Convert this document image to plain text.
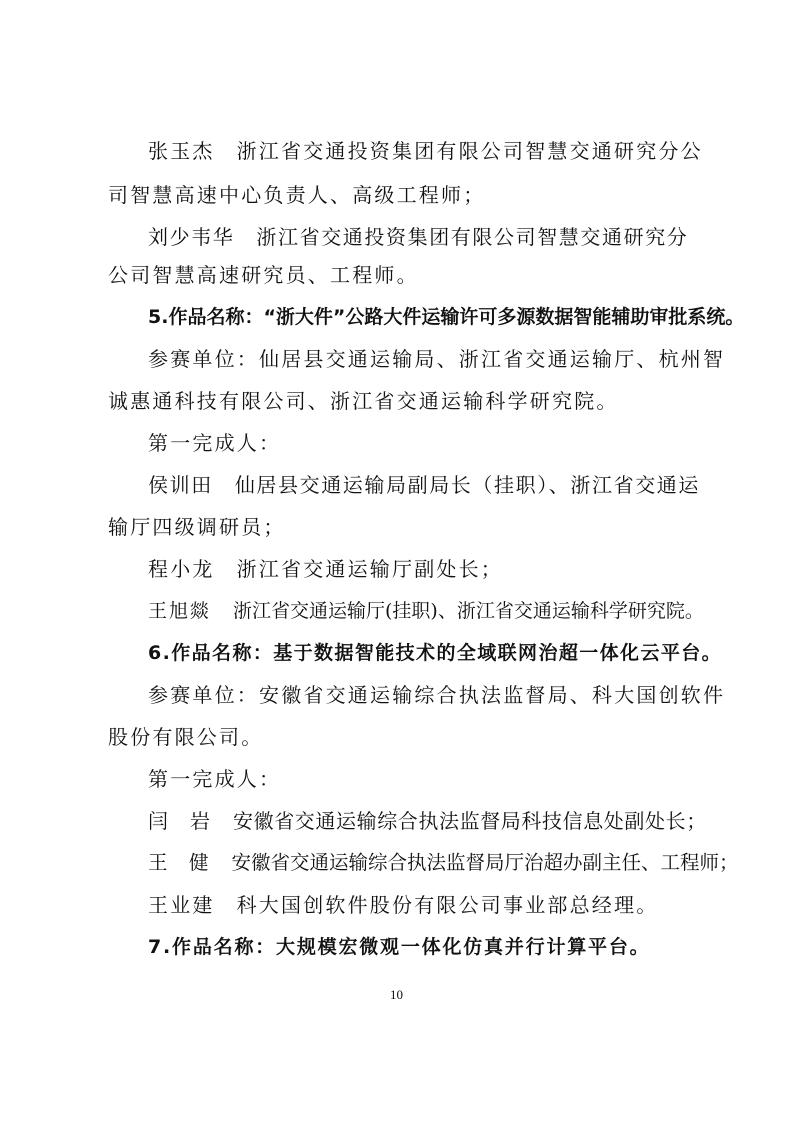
张玉杰 浙江省交通投资集团有限公司智慧交通研究分公
司智慧高速中心负责人、高级工程师；
刘少韦华 浙江省交通投资集团有限公司智慧交通研究分
公司智慧高速研究员、工程师。
5.作品名称：“浙大件”公路大件运输许可多源数据智能辅助审批系统。
参赛单位：仙居县交通运输局、浙江省交通运输厅、杭州智
诚惠通科技有限公司、浙江省交通运输科学研究院。
第一完成人：
侯训田 仙居县交通运输局副局长（挂职）、浙江省交通运
输厅四级调研员；
程小龙 浙江省交通运输厅副处长；
王旭燚 浙江省交通运输厅(挂职)、浙江省交通运输科学研究院。
6.作品名称：基于数据智能技术的全域联网治超一体化云平台。
参赛单位：安徽省交通运输综合执法监督局、科大国创软件
股份有限公司。
第一完成人：
闫　岩 安徽省交通运输综合执法监督局科技信息处副处长；
王　健 安徽省交通运输综合执法监督局厅治超办副主任、工程师；
王业建 科大国创软件股份有限公司事业部总经理。
7.作品名称：大规模宏微观一体化仿真并行计算平台。
10
